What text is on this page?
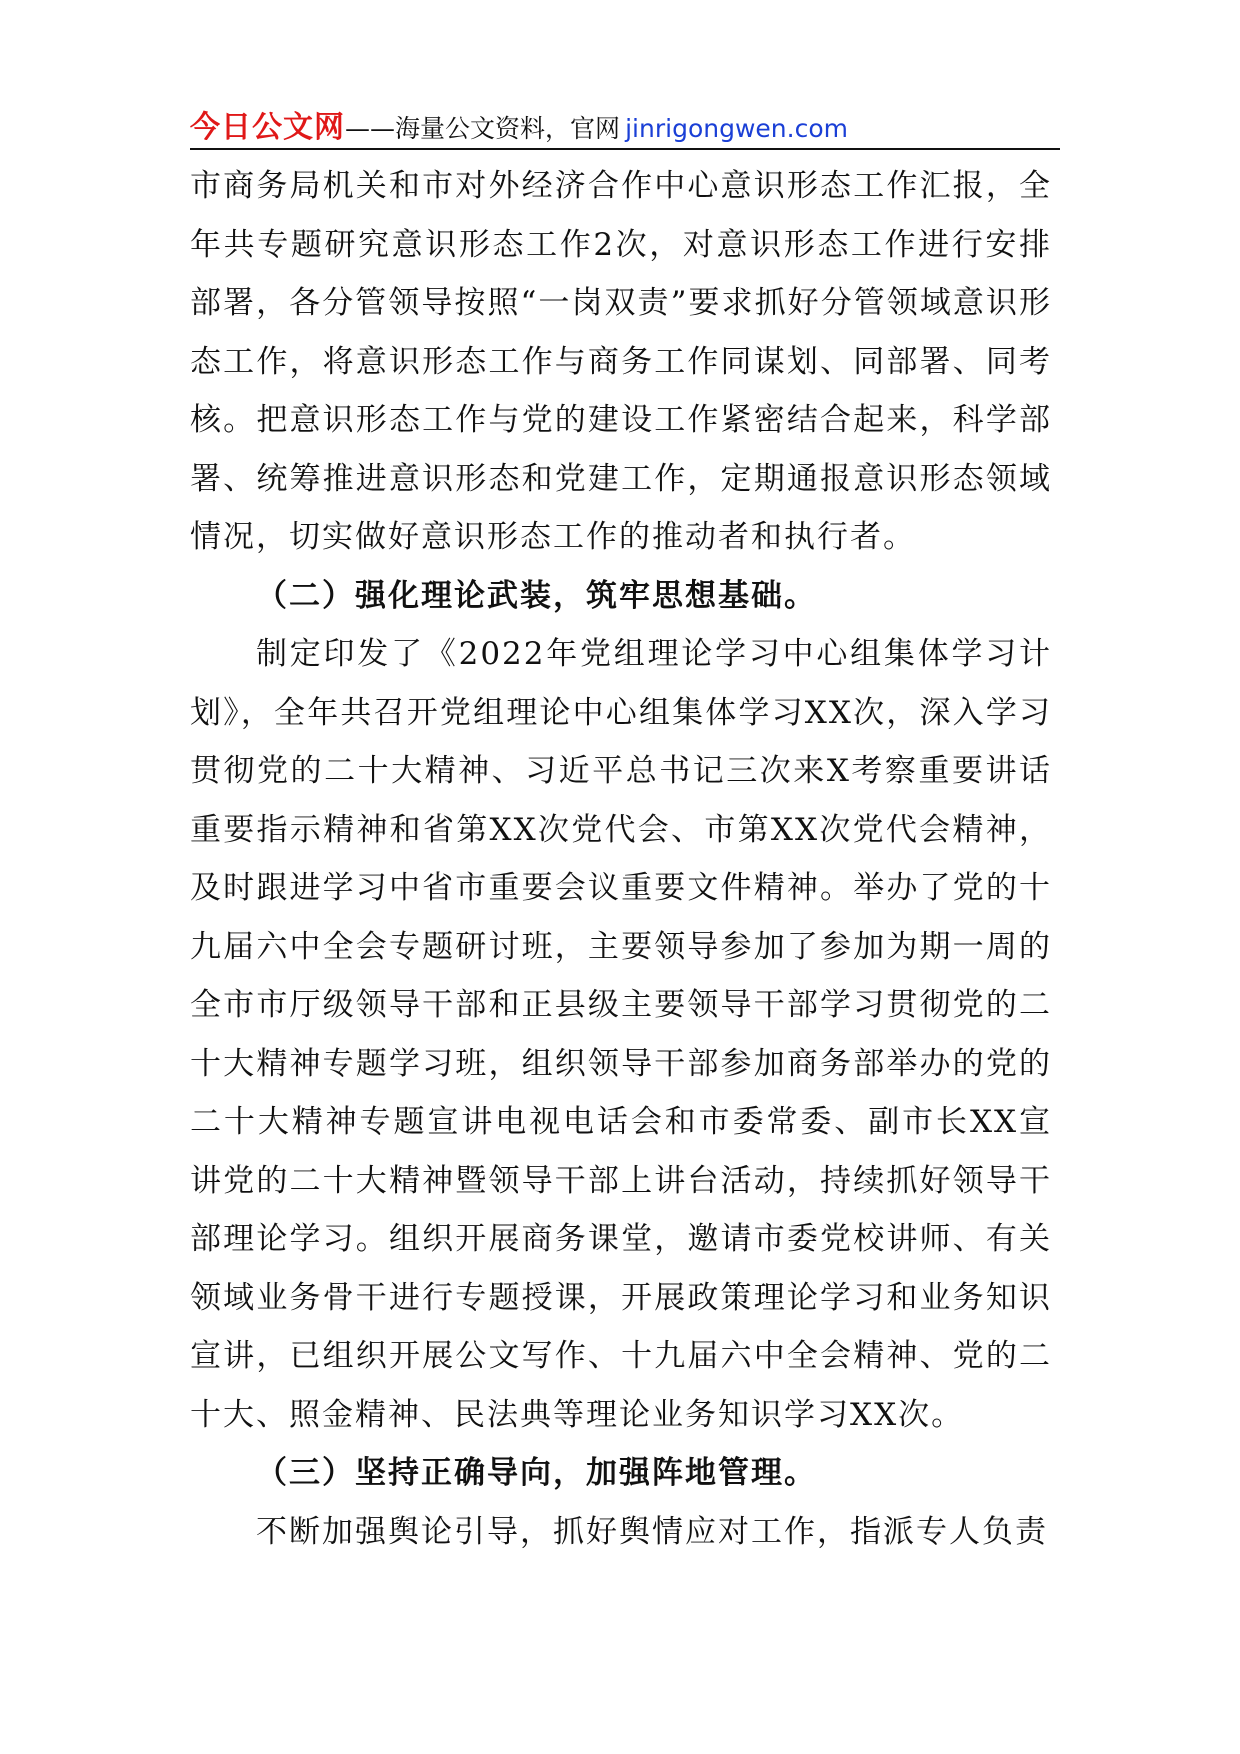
今日公文网——海量公文资料，官网 jinrigongwen.com

市商务局机关和市对外经济合作中心意识形态工作汇报，全年共专题研究意识形态工作2次，对意识形态工作进行安排部署，各分管领导按照“一岗双责”要求抓好分管领域意识形态工作，将意识形态工作与商务工作同谋划、同部署、同考核。把意识形态工作与党的建设工作紧密结合起来，科学部署、统筹推进意识形态和党建工作，定期通报意识形态领域情况，切实做好意识形态工作的推动者和执行者。

（二）强化理论武装，筑牢思想基础。

制定印发了《2022年党组理论学习中心组集体学习计划》，全年共召开党组理论中心组集体学习XX次，深入学习贯彻党的二十大精神、习近平总书记三次来X考察重要讲话重要指示精神和省第XX次党代会、市第XX次党代会精神，及时跟进学习中省市重要会议重要文件精神。举办了党的十九届六中全会专题研讨班，主要领导参加了参加为期一周的全市市厅级领导干部和正县级主要领导干部学习贯彻党的二十大精神专题学习班，组织领导干部参加商务部举办的党的二十大精神专题宣讲电视电话会和市委常委、副市长XX宣讲党的二十大精神暨领导干部上讲台活动，持续抓好领导干部理论学习。组织开展商务课堂，邀请市委党校讲师、有关领域业务骨干进行专题授课，开展政策理论学习和业务知识宣讲，已组织开展公文写作、十九届六中全会精神、党的二十大、照金精神、民法典等理论业务知识学习XX次。

（三）坚持正确导向，加强阵地管理。

不断加强舆论引导，抓好舆情应对工作，指派专人负责
